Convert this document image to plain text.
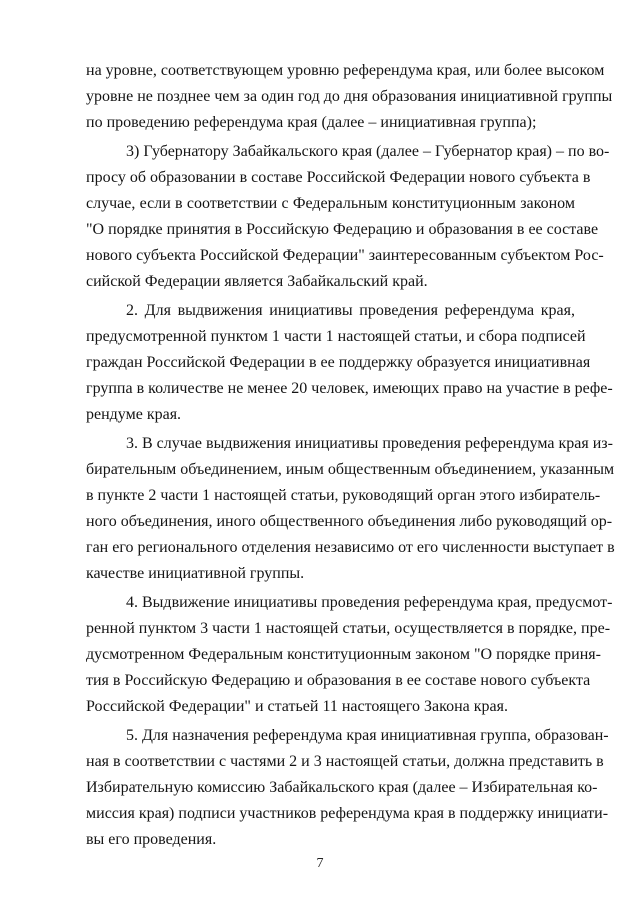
на уровне, соответствующем уровню референдума края, или более высоком
уровне не позднее чем за один год до дня образования инициативной группы
по проведению референдума края (далее – инициативная группа);

3) Губернатору Забайкальского края (далее – Губернатор края) – по во-
просу об образовании в составе Российской Федерации нового субъекта в
случае, если в соответствии с Федеральным конституционным законом
"О порядке принятия в Российскую Федерацию и образования в ее составе
нового субъекта Российской Федерации" заинтересованным субъектом Рос-
сийской Федерации является Забайкальский край.

2. Для выдвижения инициативы проведения референдума края,
предусмотренной пунктом 1 части 1 настоящей статьи, и сбора подписей
граждан Российской Федерации в ее поддержку образуется инициативная
группа в количестве не менее 20 человек, имеющих право на участие в рефе-
рендуме края.

3. В случае выдвижения инициативы проведения референдума края из-
бирательным объединением, иным общественным объединением, указанным
в пункте 2 части 1 настоящей статьи, руководящий орган этого избиратель-
ного объединения, иного общественного объединения либо руководящий ор-
ган его регионального отделения независимо от его численности выступает в
качестве инициативной группы.

4. Выдвижение инициативы проведения референдума края, предусмот-
ренной пунктом 3 части 1 настоящей статьи, осуществляется в порядке, пре-
дусмотренном Федеральным конституционным законом "О порядке приня-
тия в Российскую Федерацию и образования в ее составе нового субъекта
Российской Федерации" и статьей 11 настоящего Закона края.

5. Для назначения референдума края инициативная группа, образован-
ная в соответствии с частями 2 и 3 настоящей статьи, должна представить в
Избирательную комиссию Забайкальского края (далее – Избирательная ко-
миссия края) подписи участников референдума края в поддержку инициати-
вы его проведения.

7
